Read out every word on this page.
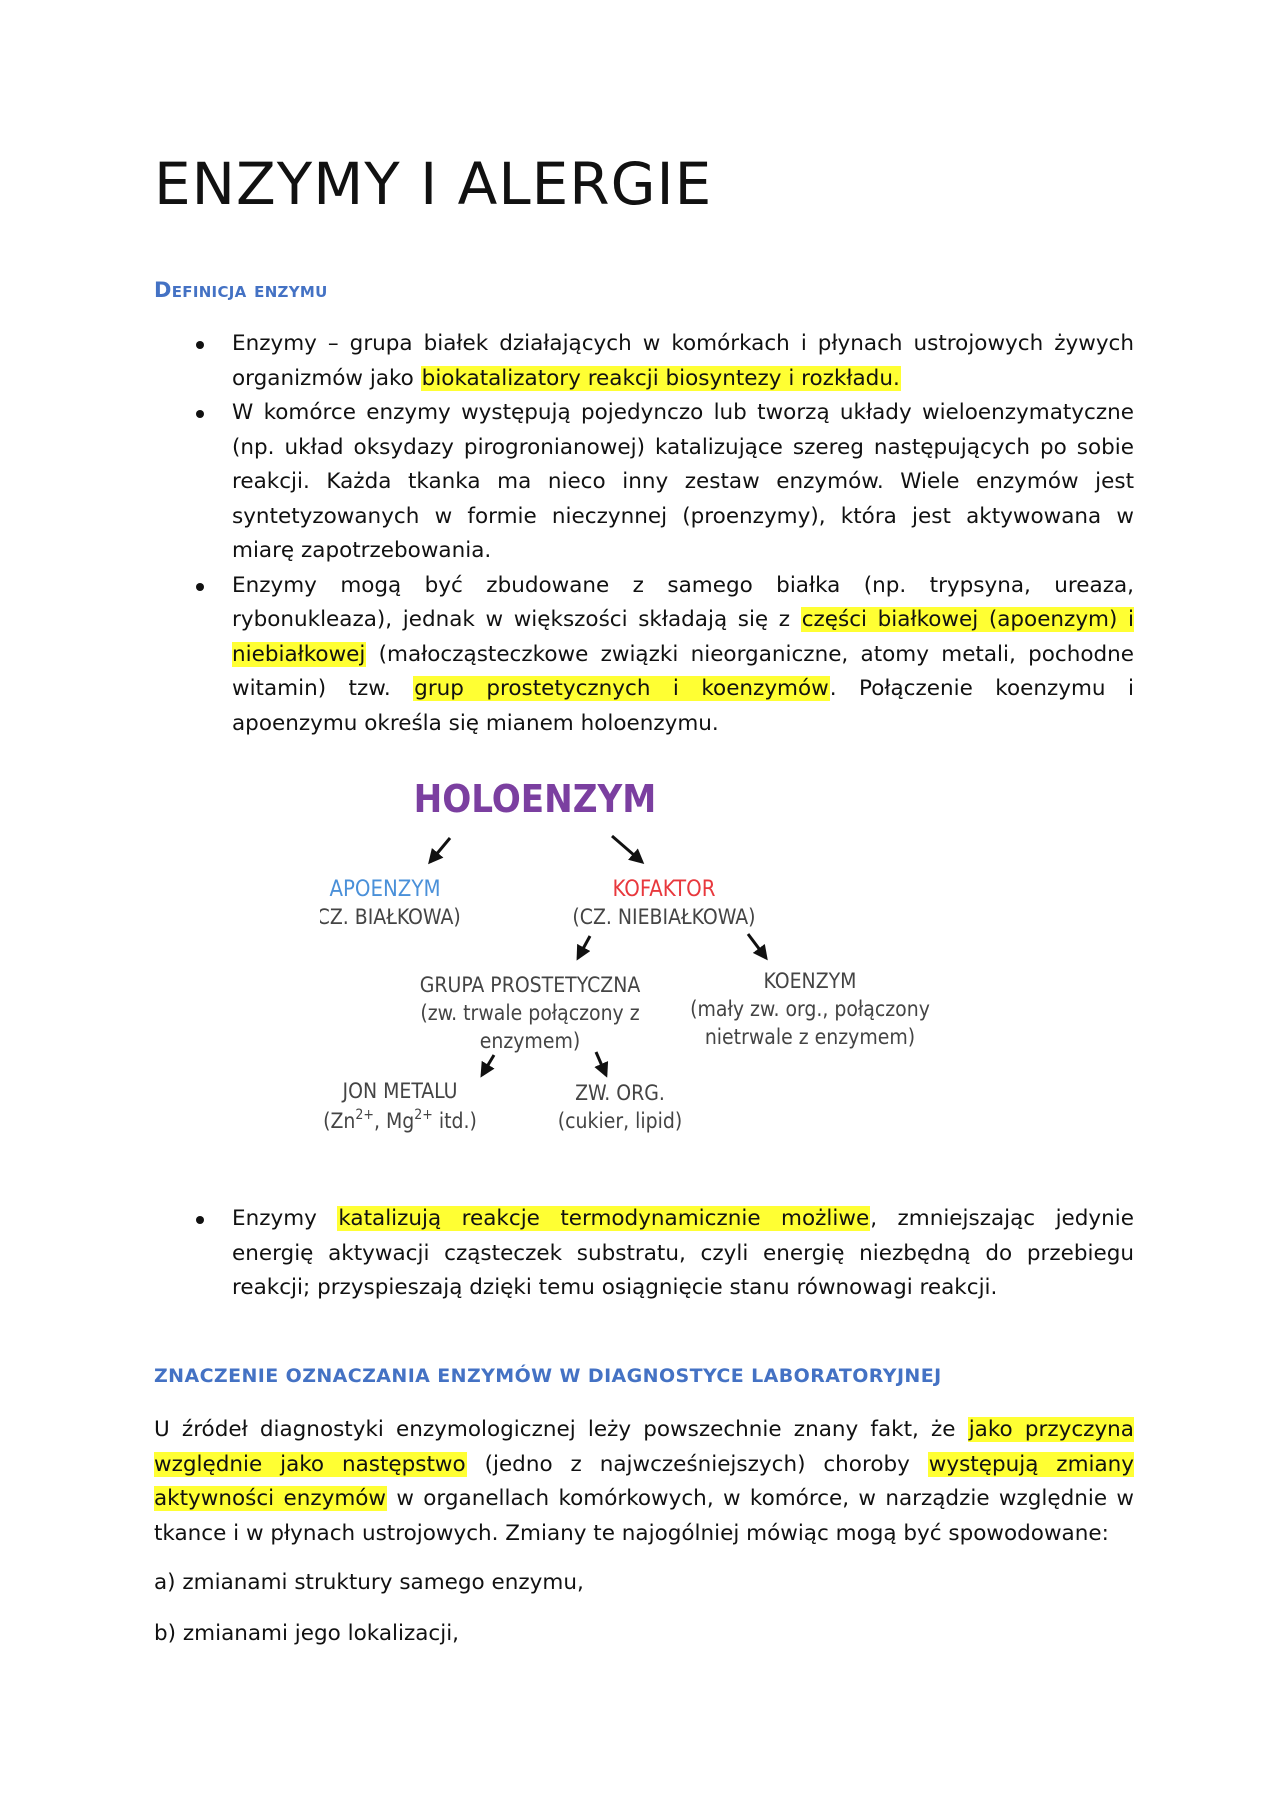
ENZYMY I ALERGIE
Definicja enzymu
Enzymy – grupa białek działających w komórkach i płynach ustrojowych żywych organizmów jako biokatalizatory reakcji biosyntezy i rozkładu.
W komórce enzymy występują pojedynczo lub tworzą układy wieloenzymatyczne (np. układ oksydazy pirogronianowej) katalizujące szereg następujących po sobie reakcji. Każda tkanka ma nieco inny zestaw enzymów. Wiele enzymów jest syntetyzowanych w formie nieczynnej (proenzymy), która jest aktywowana w miarę zapotrzebowania.
Enzymy mogą być zbudowane z samego białka (np. trypsyna, ureaza, rybonukleaza), jednak w większości składają się z części białkowej (apoenzym) i niebiałkowej (małocząsteczkowe związki nieorganiczne, atomy metali, pochodne witamin) tzw. grup prostetycznych i koenzymów. Połączenie koenzymu i apoenzymu określa się mianem holoenzymu.
HOLOENZYM
APOENZYM
(CZ. BIAŁKOWA)
KOFAKTOR
(CZ. NIEBIAŁKOWA)
GRUPA PROSTETYCZNA
(zw. trwale połączony z
enzymem)
KOENZYM
(mały zw. org., połączony
nietrwale z enzymem)
JON METALU
($Zn^{2+}$, $Mg^{2+}$ itd.)
ZW. ORG.
(cukier, lipid)
Enzymy katalizują reakcje termodynamicznie możliwe, zmniejszając jedynie energię aktywacji cząsteczek substratu, czyli energię niezbędną do przebiegu reakcji; przyspieszają dzięki temu osiągnięcie stanu równowagi reakcji.
ZNACZENIE OZNACZANIA ENZYMÓW W DIAGNOSTYCE LABORATORYJNEJ

U źródeł diagnostyki enzymologicznej leży powszechnie znany fakt, że jako przyczyna względnie jako następstwo (jedno z najwcześniejszych) choroby występują zmiany aktywności enzymów w organellach komórkowych, w komórce, w narządzie względnie w tkance i w płynach ustrojowych. Zmiany te najogólniej mówiąc mogą być spowodowane:

a) zmianami struktury samego enzymu,

b) zmianami jego lokalizacji,
